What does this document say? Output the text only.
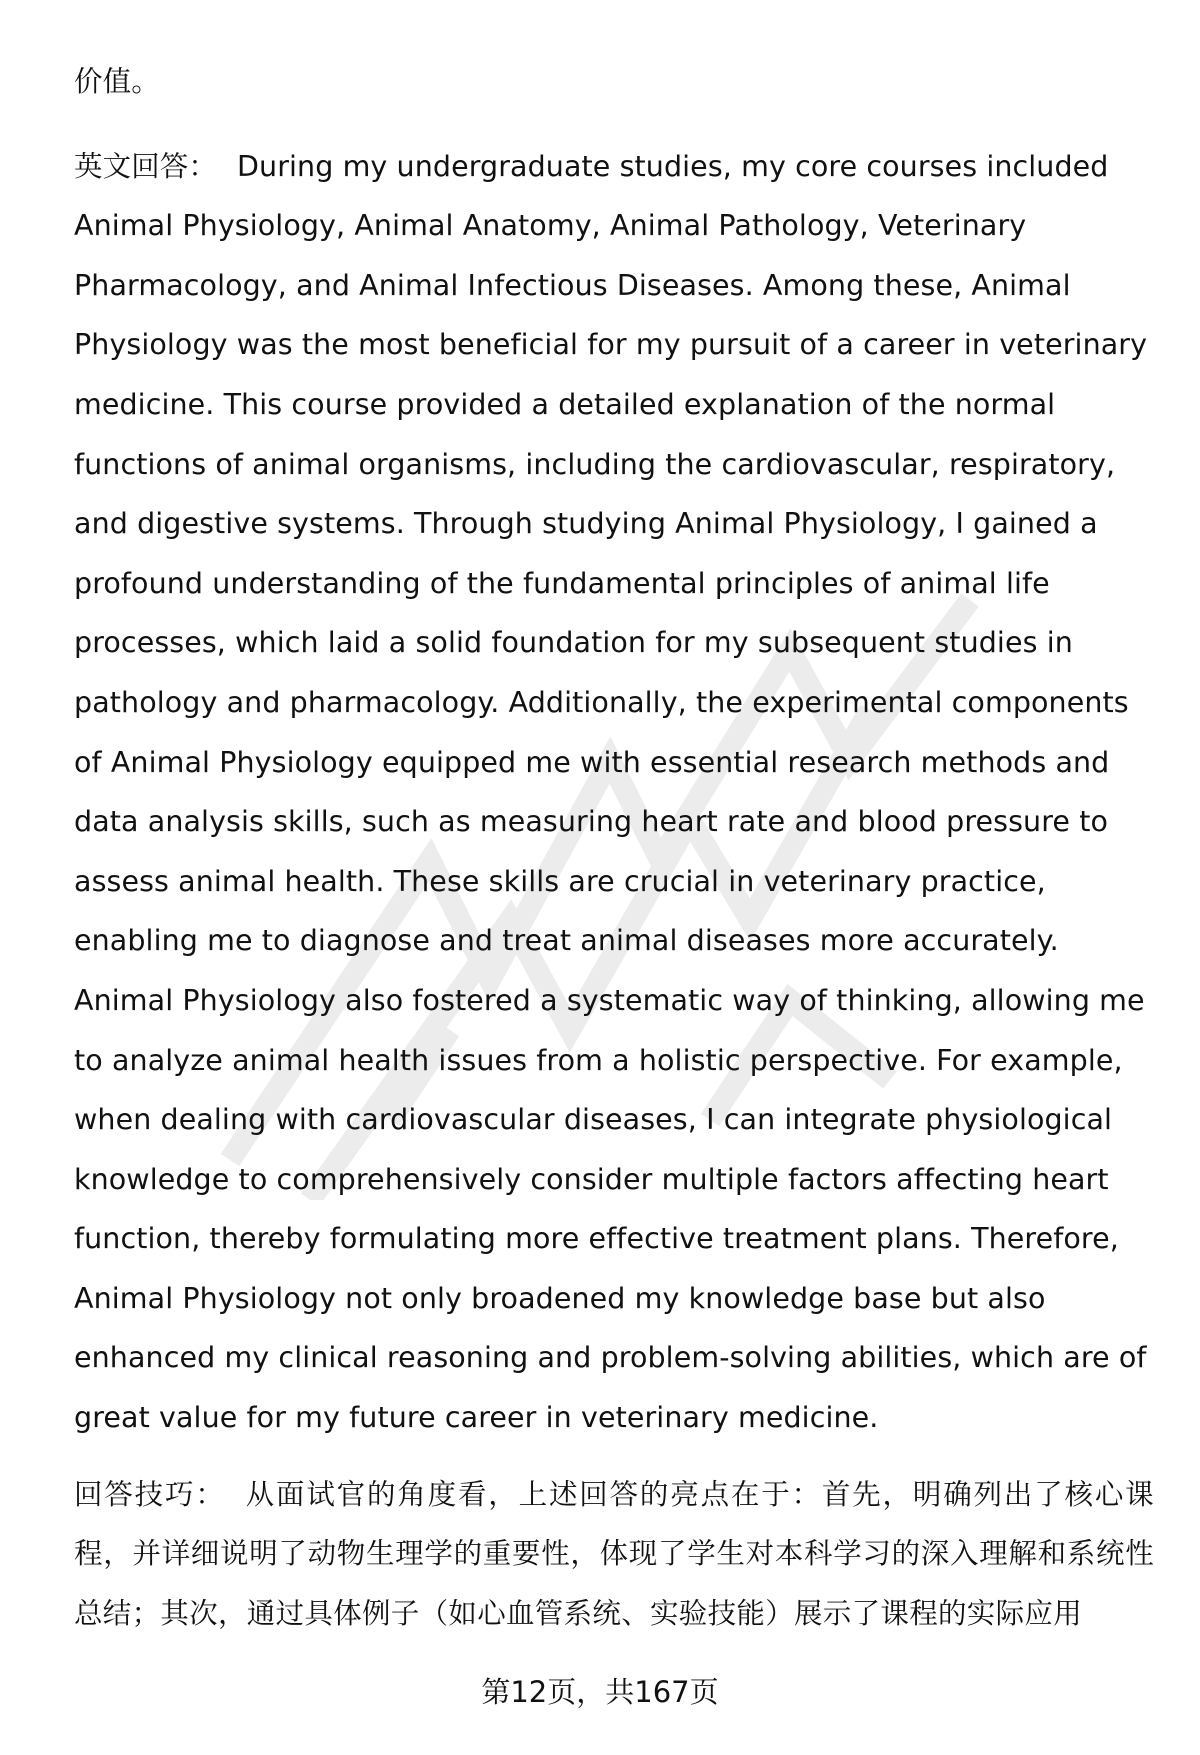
价值。

英文回答： During my undergraduate studies, my core courses included Animal Physiology, Animal Anatomy, Animal Pathology, Veterinary Pharmacology, and Animal Infectious Diseases. Among these, Animal Physiology was the most beneficial for my pursuit of a career in veterinary medicine. This course provided a detailed explanation of the normal functions of animal organisms, including the cardiovascular, respiratory, and digestive systems. Through studying Animal Physiology, I gained a profound understanding of the fundamental principles of animal life processes, which laid a solid foundation for my subsequent studies in pathology and pharmacology. Additionally, the experimental components of Animal Physiology equipped me with essential research methods and data analysis skills, such as measuring heart rate and blood pressure to assess animal health. These skills are crucial in veterinary practice, enabling me to diagnose and treat animal diseases more accurately. Animal Physiology also fostered a systematic way of thinking, allowing me to analyze animal health issues from a holistic perspective. For example, when dealing with cardiovascular diseases, I can integrate physiological knowledge to comprehensively consider multiple factors affecting heart function, thereby formulating more effective treatment plans. Therefore, Animal Physiology not only broadened my knowledge base but also enhanced my clinical reasoning and problem-solving abilities, which are of great value for my future career in veterinary medicine.

回答技巧： 从面试官的角度看，上述回答的亮点在于：首先，明确列出了核心课程，并详细说明了动物生理学的重要性，体现了学生对本科学习的深入理解和系统性总结；其次，通过具体例子（如心血管系统、实验技能）展示了课程的实际应用

第12页，共167页
